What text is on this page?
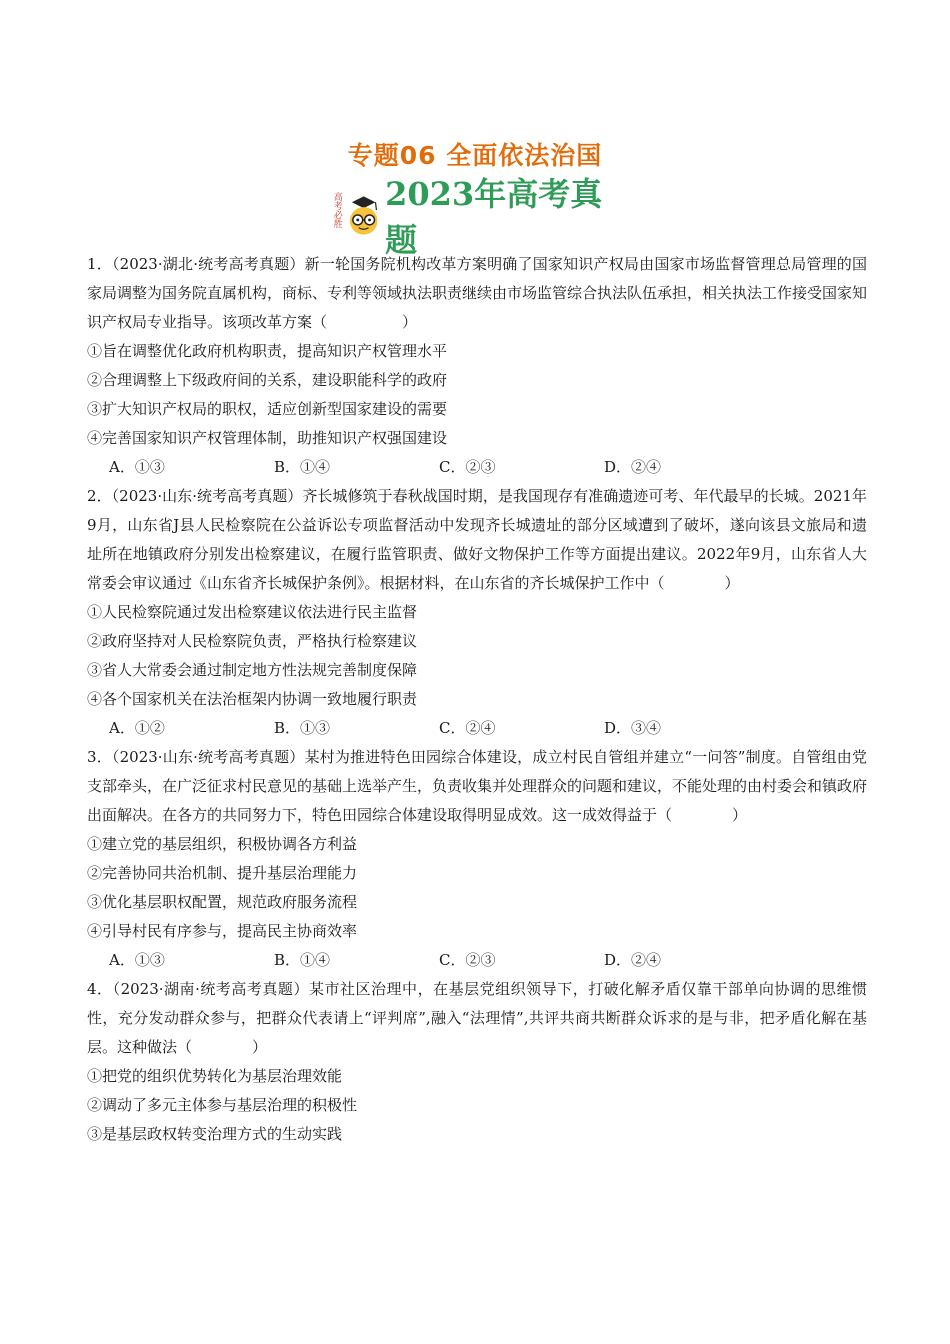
专题06 全面依法治国
高考必胜 2023年高考真题

1．（2023·湖北·统考高考真题）新一轮国务院机构改革方案明确了国家知识产权局由国家市场监督管理总局管理的国家局调整为国务院直属机构，商标、专利等领域执法职责继续由市场监管综合执法队伍承担，相关执法工作接受国家知识产权局专业指导。该项改革方案（　　　　　）

①旨在调整优化政府机构职责，提高知识产权管理水平

②合理调整上下级政府间的关系，建设职能科学的政府

③扩大知识产权局的职权，适应创新型国家建设的需要

④完善国家知识产权管理体制，助推知识产权强国建设

A．①③	B．①④	C．②③	D．②④

2．（2023·山东·统考高考真题）齐长城修筑于春秋战国时期，是我国现存有准确遗迹可考、年代最早的长城。2021年9月，山东省J县人民检察院在公益诉讼专项监督活动中发现齐长城遗址的部分区域遭到了破坏，遂向该县文旅局和遗址所在地镇政府分别发出检察建议，在履行监管职责、做好文物保护工作等方面提出建议。2022年9月，山东省人大常委会审议通过《山东省齐长城保护条例》。根据材料，在山东省的齐长城保护工作中（　　　　）

①人民检察院通过发出检察建议依法进行民主监督

②政府坚持对人民检察院负责，严格执行检察建议

③省人大常委会通过制定地方性法规完善制度保障

④各个国家机关在法治框架内协调一致地履行职责

A．①②	B．①③	C．②④	D．③④

3．（2023·山东·统考高考真题）某村为推进特色田园综合体建设，成立村民自管组并建立“一问答”制度。自管组由党支部牵头，在广泛征求村民意见的基础上选举产生，负责收集并处理群众的问题和建议，不能处理的由村委会和镇政府出面解决。在各方的共同努力下，特色田园综合体建设取得明显成效。这一成效得益于（　　　　）

①建立党的基层组织，积极协调各方利益

②完善协同共治机制、提升基层治理能力

③优化基层职权配置，规范政府服务流程

④引导村民有序参与，提高民主协商效率

A．①③	B．①④	C．②③	D．②④

4．（2023·湖南·统考高考真题）某市社区治理中，在基层党组织领导下，打破化解矛盾仅靠干部单向协调的思维惯性，充分发动群众参与，把群众代表请上“评判席”,融入“法理情”,共评共商共断群众诉求的是与非，把矛盾化解在基层。这种做法（　　　　）

①把党的组织优势转化为基层治理效能

②调动了多元主体参与基层治理的积极性

③是基层政权转变治理方式的生动实践
